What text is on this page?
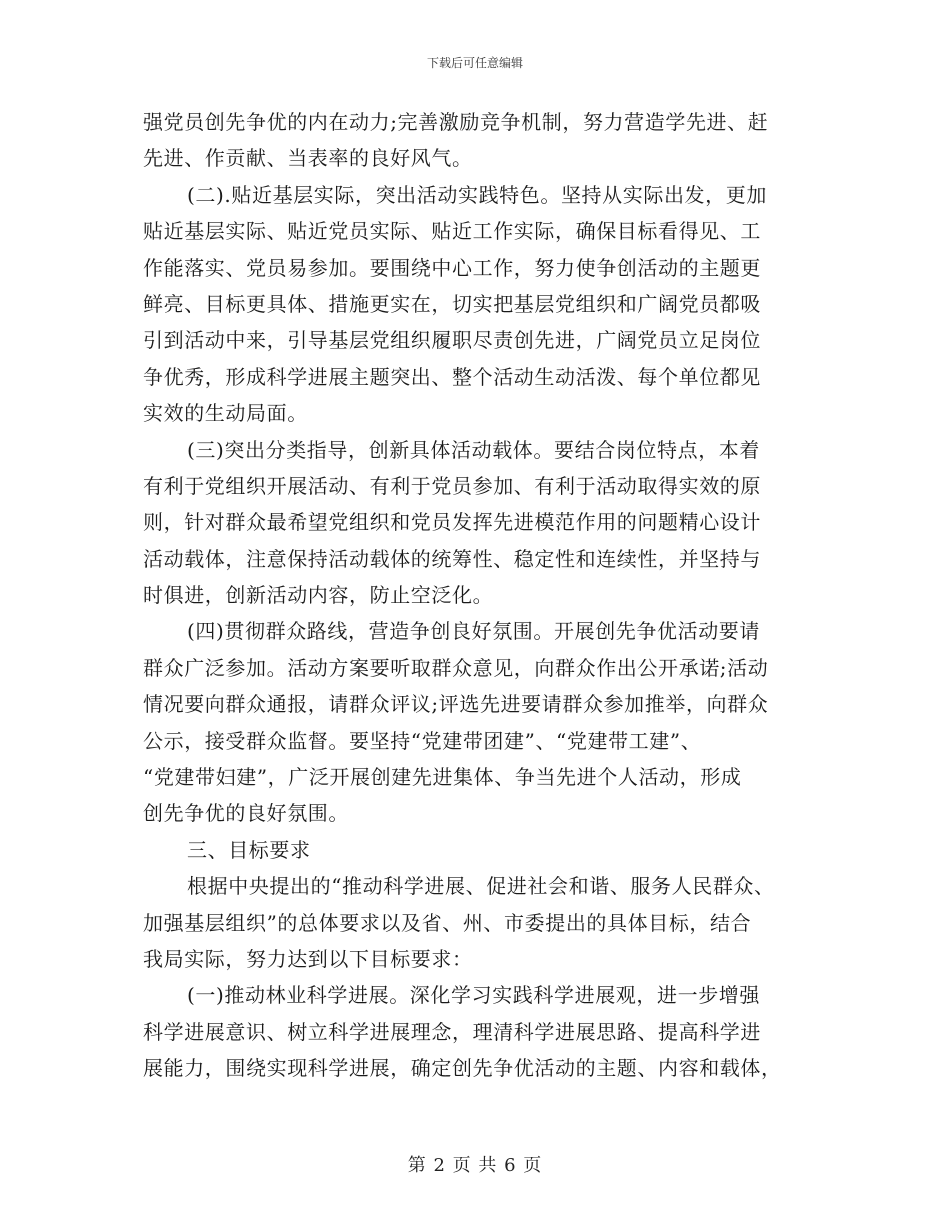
下载后可任意编辑
强党员创先争优的内在动力;完善激励竞争机制，努力营造学先进、赶
先进、作贡献、当表率的良好风气。
(二).贴近基层实际，突出活动实践特色。坚持从实际出发，更加
贴近基层实际、贴近党员实际、贴近工作实际，确保目标看得见、工
作能落实、党员易参加。要围绕中心工作，努力使争创活动的主题更
鲜亮、目标更具体、措施更实在，切实把基层党组织和广阔党员都吸
引到活动中来，引导基层党组织履职尽责创先进，广阔党员立足岗位
争优秀，形成科学进展主题突出、整个活动生动活泼、每个单位都见
实效的生动局面。
(三)突出分类指导，创新具体活动载体。要结合岗位特点，本着
有利于党组织开展活动、有利于党员参加、有利于活动取得实效的原
则，针对群众最希望党组织和党员发挥先进模范作用的问题精心设计
活动载体，注意保持活动载体的统筹性、稳定性和连续性，并坚持与
时俱进，创新活动内容，防止空泛化。
(四)贯彻群众路线，营造争创良好氛围。开展创先争优活动要请
群众广泛参加。活动方案要听取群众意见，向群众作出公开承诺;活动
情况要向群众通报，请群众评议;评选先进要请群众参加推举，向群众
公示，接受群众监督。要坚持“党建带团建”、“党建带工建”、
“党建带妇建”，广泛开展创建先进集体、争当先进个人活动，形成
创先争优的良好氛围。
三、目标要求
根据中央提出的“推动科学进展、促进社会和谐、服务人民群众、
加强基层组织”的总体要求以及省、州、市委提出的具体目标，结合
我局实际，努力达到以下目标要求：
(一)推动林业科学进展。深化学习实践科学进展观，进一步增强
科学进展意识、树立科学进展理念，理清科学进展思路、提高科学进
展能力，围绕实现科学进展，确定创先争优活动的主题、内容和载体，
第 2 页 共 6 页
